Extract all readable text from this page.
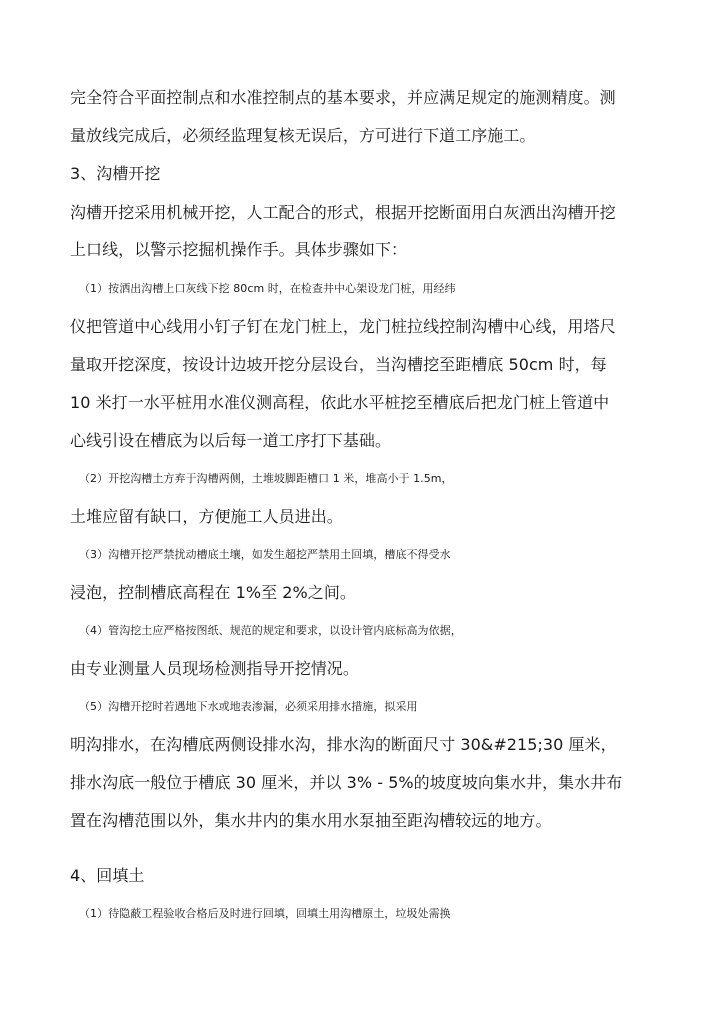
完全符合平面控制点和水准控制点的基本要求，并应满足规定的施测精度。测
量放线完成后，必须经监理复核无误后，方可进行下道工序施工。
3、沟槽开挖
沟槽开挖采用机械开挖，人工配合的形式，根据开挖断面用白灰洒出沟槽开挖
上口线，以警示挖掘机操作手。具体步骤如下：
（1）按洒出沟槽上口灰线下挖 80cm 时，在检查井中心架设龙门桩，用经纬
仪把管道中心线用小钉子钉在龙门桩上，龙门桩拉线控制沟槽中心线，用塔尺
量取开挖深度，按设计边坡开挖分层设台，当沟槽挖至距槽底 50cm 时，每
10 米打一水平桩用水准仪测高程，依此水平桩挖至槽底后把龙门桩上管道中
心线引设在槽底为以后每一道工序打下基础。
（2）开挖沟槽土方弃于沟槽两侧，土堆坡脚距槽口 1 米，堆高小于 1.5m，
土堆应留有缺口，方便施工人员进出。
（3）沟槽开挖严禁扰动槽底土壤，如发生超挖严禁用土回填，槽底不得受水
浸泡，控制槽底高程在 1%至 2%之间。
（4）管沟挖土应严格按图纸、规范的规定和要求，以设计管内底标高为依据，
由专业测量人员现场检测指导开挖情况。
（5）沟槽开挖时若遇地下水或地表渗漏，必须采用排水措施，拟采用
明沟排水，在沟槽底两侧设排水沟，排水沟的断面尺寸 30&#215;30 厘米，
排水沟底一般位于槽底 30 厘米，并以 3% - 5%的坡度坡向集水井，集水井布
置在沟槽范围以外，集水井内的集水用水泵抽至距沟槽较远的地方。
4、回填土
（1）待隐蔽工程验收合格后及时进行回填，回填土用沟槽原土，垃圾处需换
